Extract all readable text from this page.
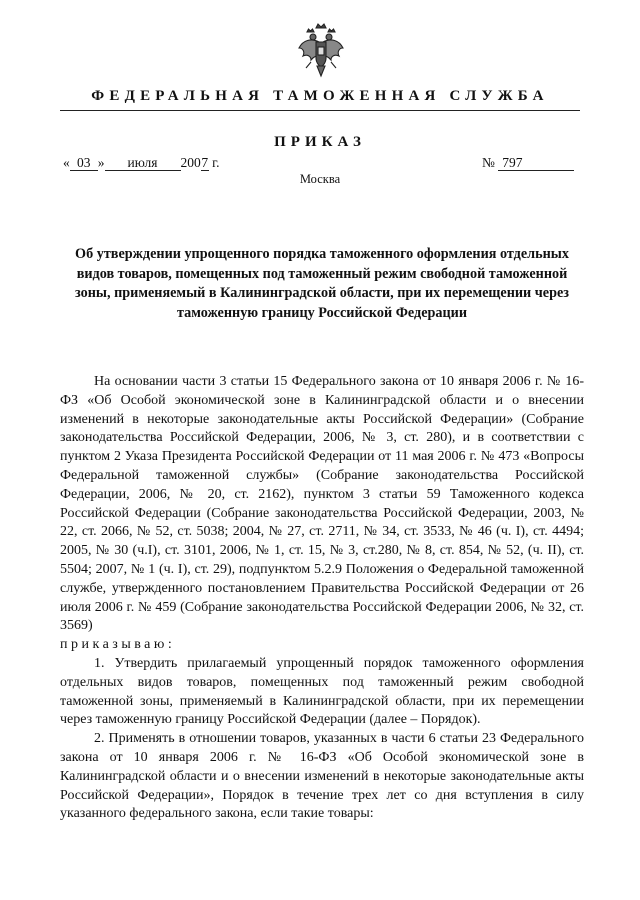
ФЕДЕРАЛЬНАЯ ТАМОЖЕННАЯ СЛУЖБА
ПРИКАЗ
« 03 » июля 2007 г.	№ 797
Москва
Об утверждении упрощенного порядка таможенного оформления отдельных видов товаров, помещенных под таможенный режим свободной таможенной зоны, применяемый в Калининградской области, при их перемещении через таможенную границу Российской Федерации

На основании части 3 статьи 15 Федерального закона от 10 января 2006 г. № 16-ФЗ «Об Особой экономической зоне в Калининградской области и о внесении изменений в некоторые законодательные акты Российской Федерации» (Собрание законодательства Российской Федерации, 2006, № 3, ст. 280), и в соответствии с пунктом 2 Указа Президента Российской Федерации от 11 мая 2006 г. № 473 «Вопросы Федеральной таможенной службы» (Собрание законодательства Российской Федерации, 2006, № 20, ст. 2162), пунктом 3 статьи 59 Таможенного кодекса Российской Федерации (Собрание законодательства Российской Федерации, 2003, № 22, ст. 2066, № 52, ст. 5038; 2004, № 27, ст. 2711, № 34, ст. 3533, № 46 (ч. I), ст. 4494; 2005, № 30 (ч.I), ст. 3101, 2006, № 1, ст. 15, № 3, ст.280, № 8, ст. 854, № 52, (ч. II), ст. 5504; 2007, № 1 (ч. I), ст. 29), подпунктом 5.2.9 Положения о Федеральной таможенной службе, утвержденного постановлением Правительства Российской Федерации от 26 июля 2006 г. № 459 (Собрание законодательства Российской Федерации 2006, № 32, ст. 3569)

приказываю:

1. Утвердить прилагаемый упрощенный порядок таможенного оформления отдельных видов товаров, помещенных под таможенный режим свободной таможенной зоны, применяемый в Калининградской области, при их перемещении через таможенную границу Российской Федерации (далее – Порядок).

2. Применять в отношении товаров, указанных в части 6 статьи 23 Федерального закона от 10 января 2006 г. № 16-ФЗ «Об Особой экономической зоне в Калининградской области и о внесении изменений в некоторые законодательные акты Российской Федерации», Порядок в течение трех лет со дня вступления в силу указанного федерального закона, если такие товары:
